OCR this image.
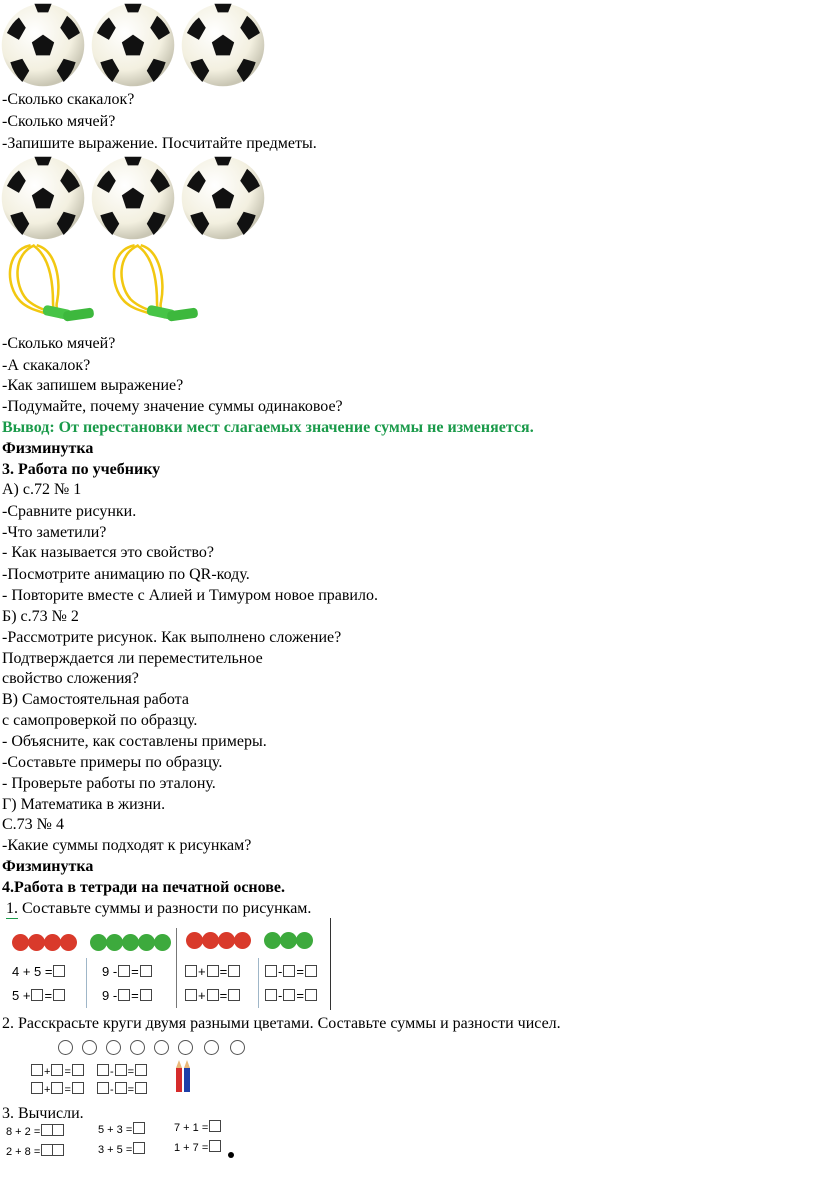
-Сколько скакалок?
-Сколько мячей?
-Запишите выражение. Посчитайте предметы.
-Сколько мячей?
-А скакалок?
-Как запишем выражение?
-Подумайте, почему значение суммы одинаковое?
Вывод: От перестановки мест слагаемых значение суммы не изменяется.
Физминутка
3. Работа по учебнику
А) с.72 № 1
-Сравните рисунки.
-Что заметили?
- Как называется это свойство?
-Посмотрите анимацию по QR-коду.
- Повторите вместе с Алией и Тимуром новое правило.
Б) с.73 № 2
-Рассмотрите рисунок. Как выполнено сложение?
Подтверждается ли переместительное
свойство сложения?
В) Самостоятельная работа
с самопроверкой по образцу.
- Объясните, как составлены примеры.
-Составьте примеры по образцу.
- Проверьте работы по эталону.
Г) Математика в жизни.
С.73 № 4
-Какие суммы подходят к рисункам?
Физминутка
4.Работа в тетради на печатной основе.
1. Составьте суммы и разности по рисункам.
4 + 5 =
5 + =
9 - =
9 - =
+ =
+ =
- =
- =
2. Расскрасьте круги двумя разными цветами. Составьте суммы и разности чисел.
+ =
+ =
- =
- =
3. Вычисли.
8 + 2 =
2 + 8 =
5 + 3 =
3 + 5 =
7 + 1 =
1 + 7 =
